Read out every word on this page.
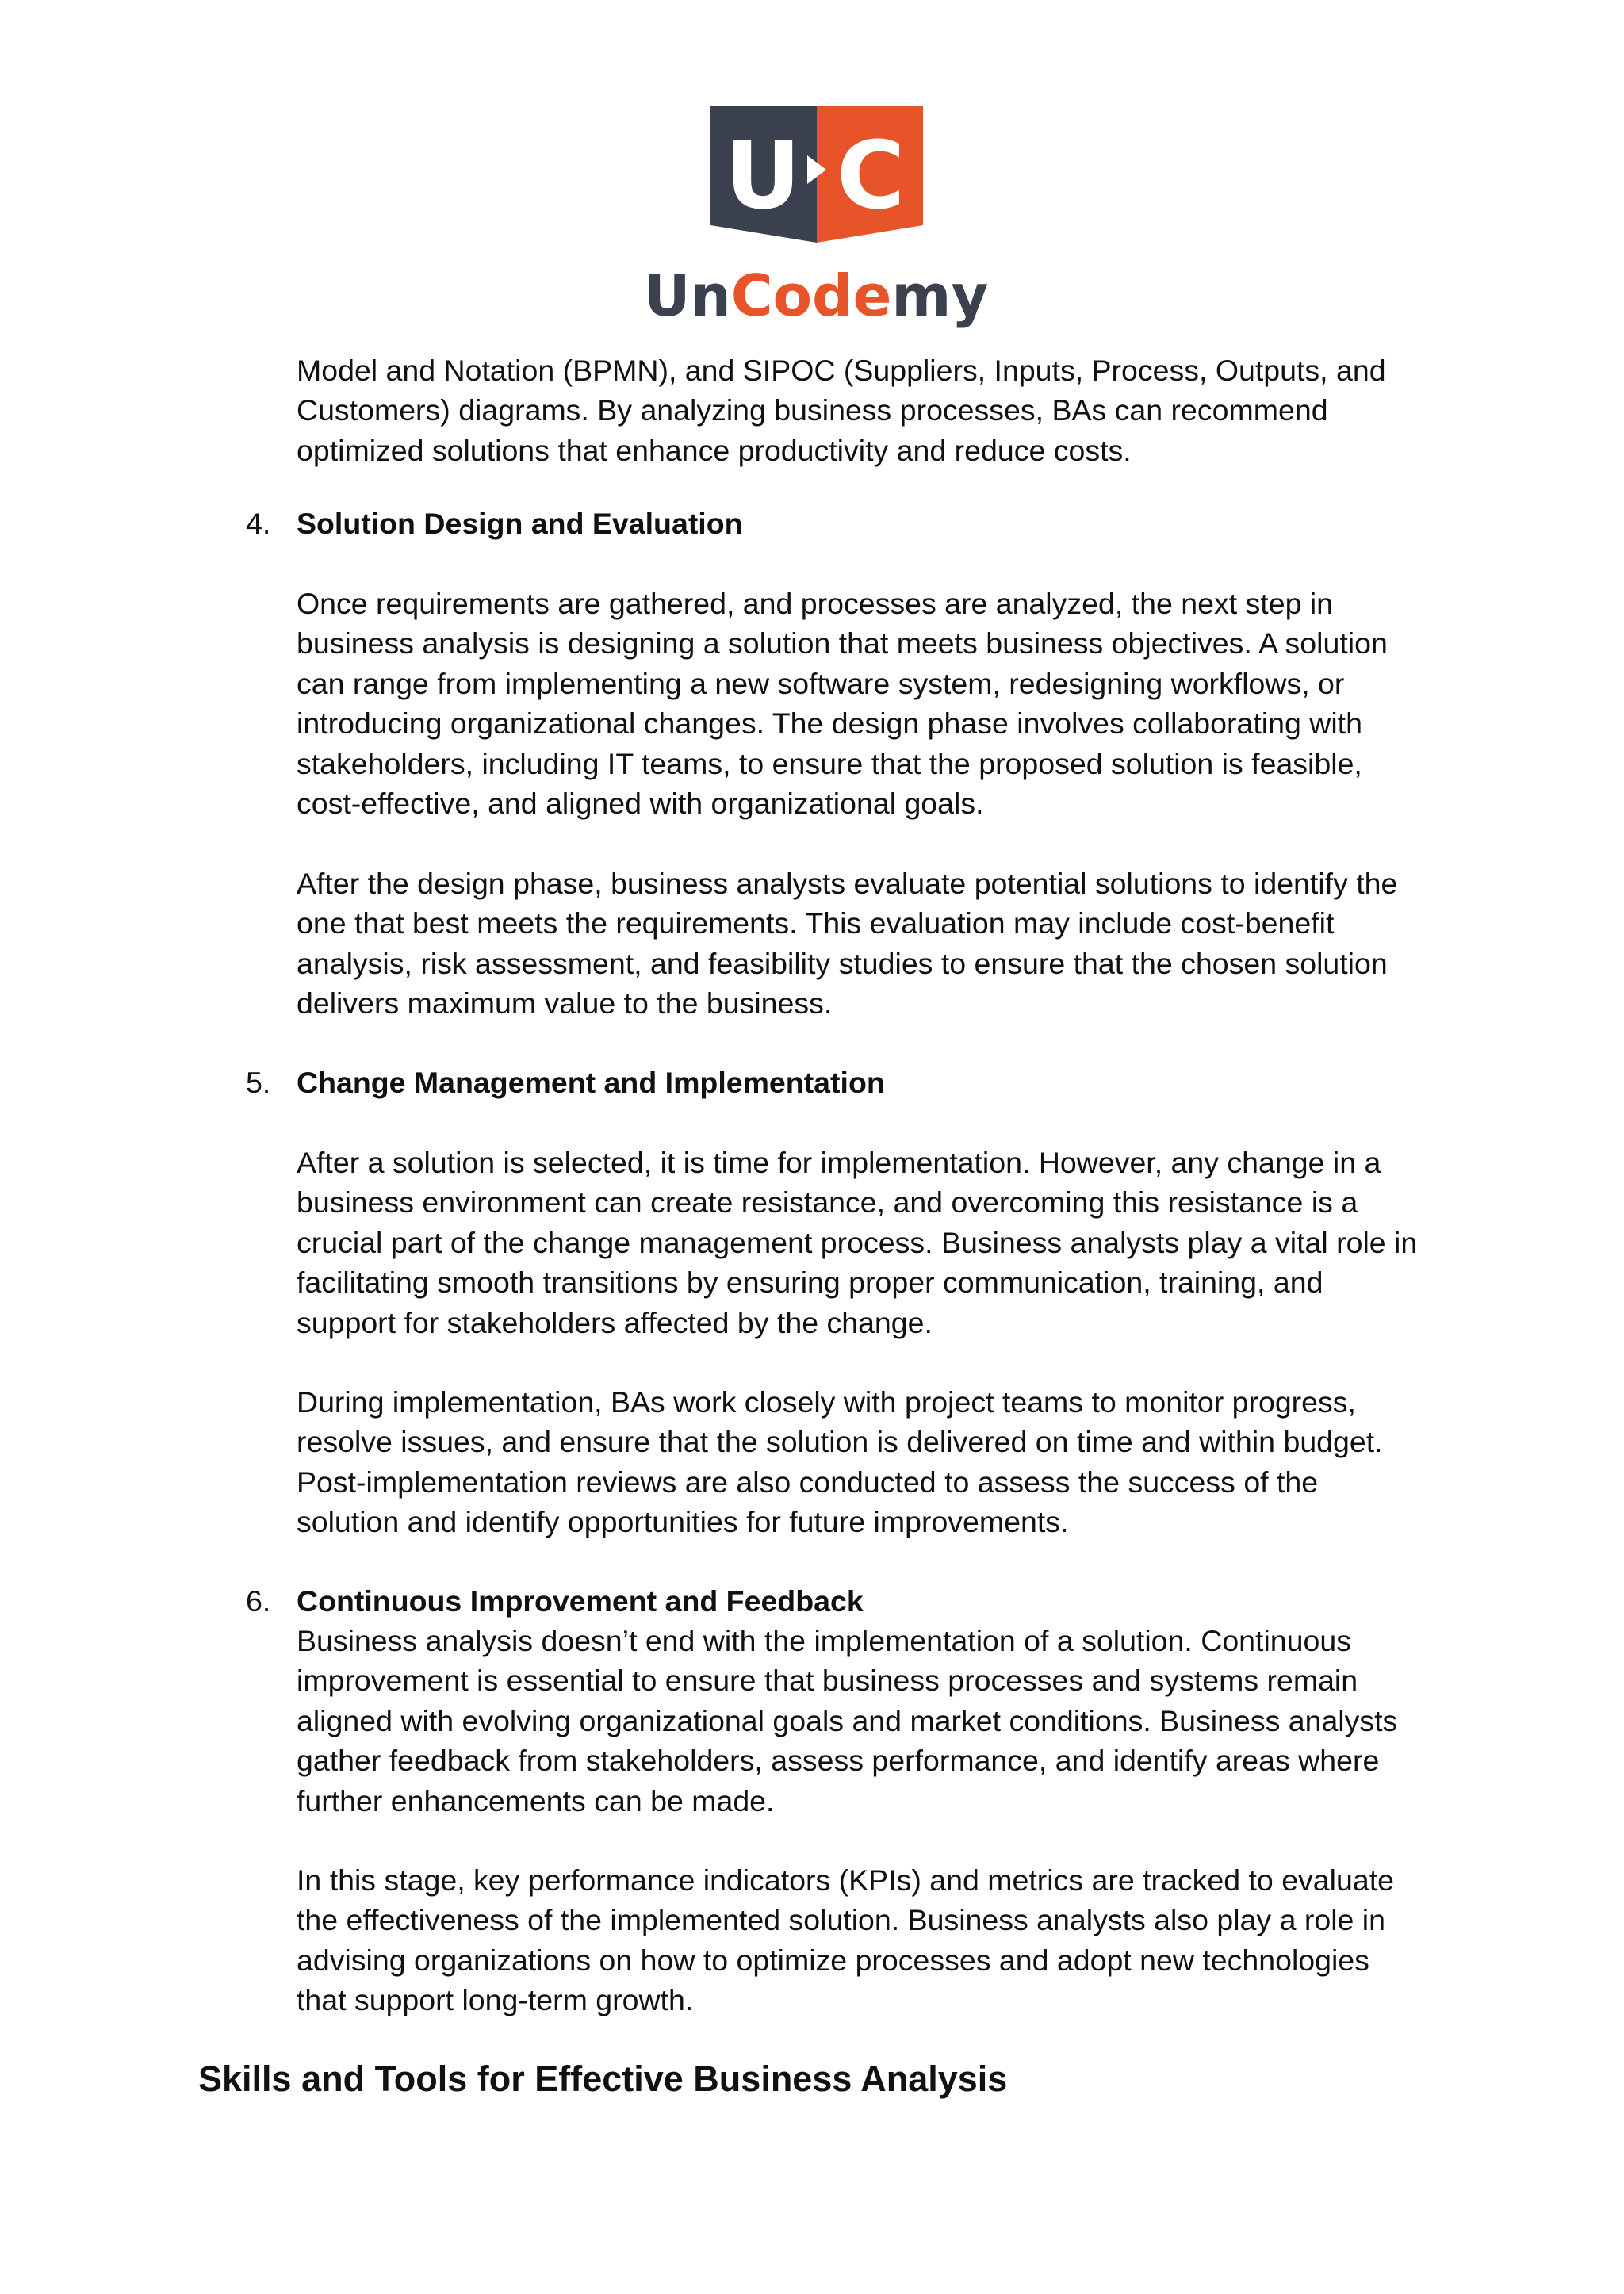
U C
UnCodemy

Model and Notation (BPMN), and SIPOC (Suppliers, Inputs, Process, Outputs, and
Customers) diagrams. By analyzing business processes, BAs can recommend
optimized solutions that enhance productivity and reduce costs.

4. Solution Design and Evaluation

Once requirements are gathered, and processes are analyzed, the next step in
business analysis is designing a solution that meets business objectives. A solution
can range from implementing a new software system, redesigning workflows, or
introducing organizational changes. The design phase involves collaborating with
stakeholders, including IT teams, to ensure that the proposed solution is feasible,
cost-effective, and aligned with organizational goals.

After the design phase, business analysts evaluate potential solutions to identify the
one that best meets the requirements. This evaluation may include cost-benefit
analysis, risk assessment, and feasibility studies to ensure that the chosen solution
delivers maximum value to the business.

5. Change Management and Implementation

After a solution is selected, it is time for implementation. However, any change in a
business environment can create resistance, and overcoming this resistance is a
crucial part of the change management process. Business analysts play a vital role in
facilitating smooth transitions by ensuring proper communication, training, and
support for stakeholders affected by the change.

During implementation, BAs work closely with project teams to monitor progress,
resolve issues, and ensure that the solution is delivered on time and within budget.
Post-implementation reviews are also conducted to assess the success of the
solution and identify opportunities for future improvements.

6. Continuous Improvement and Feedback

Business analysis doesn’t end with the implementation of a solution. Continuous
improvement is essential to ensure that business processes and systems remain
aligned with evolving organizational goals and market conditions. Business analysts
gather feedback from stakeholders, assess performance, and identify areas where
further enhancements can be made.

In this stage, key performance indicators (KPIs) and metrics are tracked to evaluate
the effectiveness of the implemented solution. Business analysts also play a role in
advising organizations on how to optimize processes and adopt new technologies
that support long-term growth.

Skills and Tools for Effective Business Analysis
